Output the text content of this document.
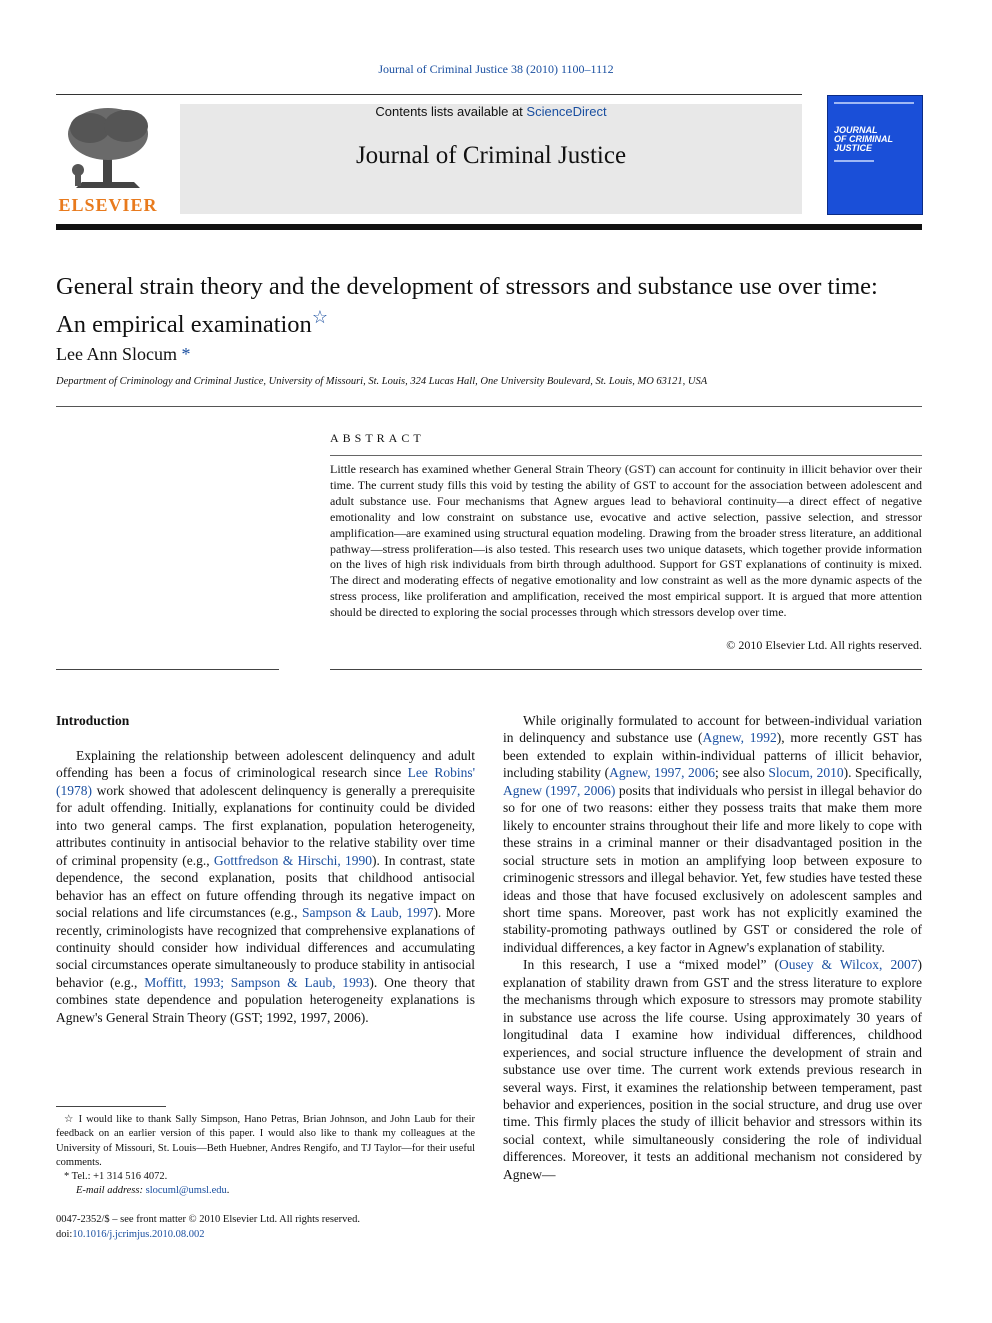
Journal of Criminal Justice 38 (2010) 1100–1112
ELSEVIER
Contents lists available at ScienceDirect
Journal of Criminal Justice
JOURNAL
OF CRIMINAL
JUSTICE
General strain theory and the development of stressors and substance use over time:
An empirical examination☆
Lee Ann Slocum *
Department of Criminology and Criminal Justice, University of Missouri, St. Louis, 324 Lucas Hall, One University Boulevard, St. Louis, MO 63121, USA
ABSTRACT
Little research has examined whether General Strain Theory (GST) can account for continuity in illicit behavior over their time. The current study fills this void by testing the ability of GST to account for the association between adolescent and adult substance use. Four mechanisms that Agnew argues lead to behavioral continuity—a direct effect of negative emotionality and low constraint on substance use, evocative and active selection, passive selection, and stressor amplification—are examined using structural equation modeling. Drawing from the broader stress literature, an additional pathway—stress proliferation—is also tested. This research uses two unique datasets, which together provide information on the lives of high risk individuals from birth through adulthood. Support for GST explanations of continuity is mixed. The direct and moderating effects of negative emotionality and low constraint as well as the more dynamic aspects of the stress process, like proliferation and amplification, received the most empirical support. It is argued that more attention should be directed to exploring the social processes through which stressors develop over time.
© 2010 Elsevier Ltd. All rights reserved.
Introduction

Explaining the relationship between adolescent delinquency and adult offending has been a focus of criminological research since Lee Robins' (1978) work showed that adolescent delinquency is generally a prerequisite for adult offending. Initially, explanations for continuity could be divided into two general camps. The first explanation, population heterogeneity, attributes continuity in antisocial behavior to the relative stability over time of criminal propensity (e.g., Gottfredson & Hirschi, 1990). In contrast, state dependence, the second explanation, posits that childhood antisocial behavior has an effect on future offending through its negative impact on social relations and life circumstances (e.g., Sampson & Laub, 1997). More recently, criminologists have recognized that comprehensive explanations of continuity should consider how individual differences and accumulating social circumstances operate simultaneously to produce stability in antisocial behavior (e.g., Moffitt, 1993; Sampson & Laub, 1993). One theory that combines state dependence and population heterogeneity explanations is Agnew's General Strain Theory (GST; 1992, 1997, 2006).

While originally formulated to account for between-individual variation in delinquency and substance use (Agnew, 1992), more recently GST has been extended to explain within-individual patterns of illicit behavior, including stability (Agnew, 1997, 2006; see also Slocum, 2010). Specifically, Agnew (1997, 2006) posits that individuals who persist in illegal behavior do so for one of two reasons: either they possess traits that make them more likely to encounter strains throughout their life and more likely to cope with these strains in a criminal manner or their disadvantaged position in the social structure sets in motion an amplifying loop between exposure to criminogenic stressors and illegal behavior. Yet, few studies have tested these ideas and those that have focused exclusively on adolescent samples and short time spans. Moreover, past work has not explicitly examined the stability-promoting pathways outlined by GST or considered the role of individual differences, a key factor in Agnew's explanation of stability.

In this research, I use a “mixed model” (Ousey & Wilcox, 2007) explanation of stability drawn from GST and the stress literature to explore the mechanisms through which exposure to stressors may promote stability in substance use across the life course. Using approximately 30 years of longitudinal data I examine how individual differences, childhood experiences, and social structure influence the development of strain and substance use over time. The current work extends previous research in several ways. First, it examines the relationship between temperament, past behavior and experiences, position in the social structure, and drug use over time. This firmly places the study of illicit behavior and stressors within its social context, while simultaneously considering the role of individual differences. Moreover, it tests an additional mechanism not considered by Agnew—

☆ I would like to thank Sally Simpson, Hano Petras, Brian Johnson, and John Laub for their feedback on an earlier version of this paper. I would also like to thank my colleagues at the University of Missouri, St. Louis—Beth Huebner, Andres Rengifo, and TJ Taylor—for their useful comments.

* Tel.: +1 314 516 4072.

E-mail address: slocuml@umsl.edu.

0047-2352/$ – see front matter © 2010 Elsevier Ltd. All rights reserved.
doi:10.1016/j.jcrimjus.2010.08.002
